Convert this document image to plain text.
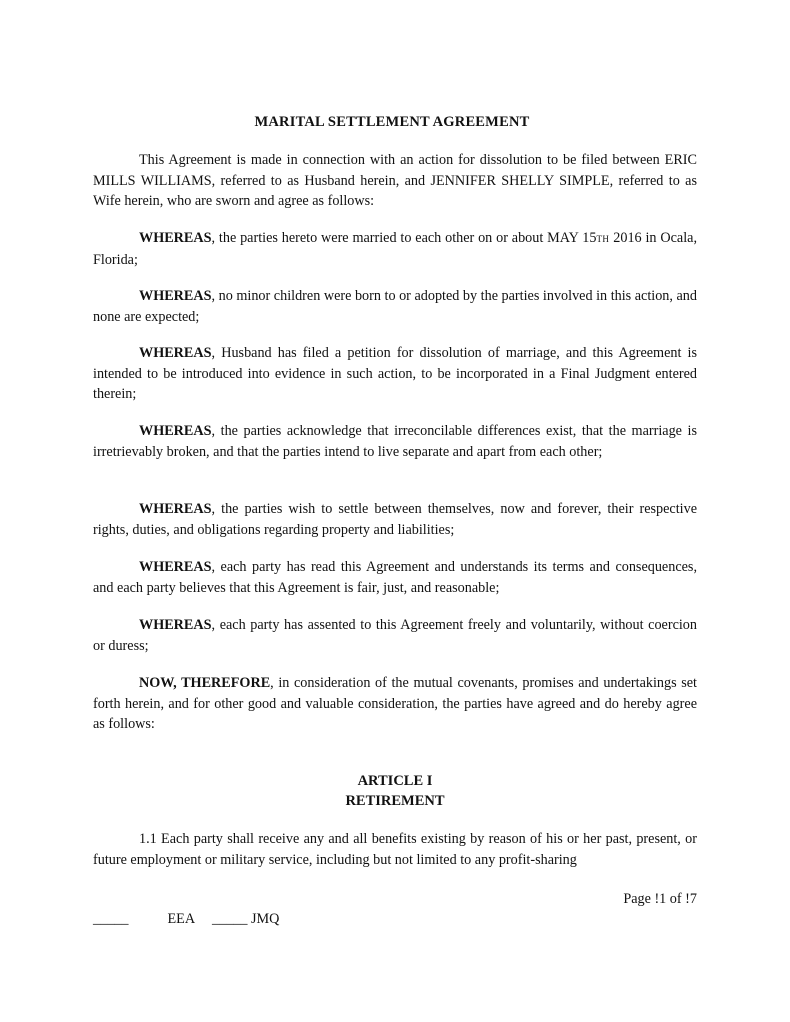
MARITAL SETTLEMENT AGREEMENT

This Agreement is made in connection with an action for dissolution to be filed between ERIC MILLS WILLIAMS, referred to as Husband herein, and JENNIFER SHELLY SIMPLE, referred to as Wife herein, who are sworn and agree as follows:

WHEREAS, the parties hereto were married to each other on or about MAY 15TH 2016 in Ocala, Florida;

WHEREAS, no minor children were born to or adopted by the parties involved in this action, and none are expected;

WHEREAS, Husband has filed a petition for dissolution of marriage, and this Agreement is intended to be introduced into evidence in such action, to be incorporated in a Final Judgment entered therein;

WHEREAS, the parties acknowledge that irreconcilable differences exist, that the marriage is irretrievably broken, and that the parties intend to live separate and apart from each other;

WHEREAS, the parties wish to settle between themselves, now and forever, their respective rights, duties, and obligations regarding property and liabilities;

WHEREAS, each party has read this Agreement and understands its terms and consequences, and each party believes that this Agreement is fair, just, and reasonable;

WHEREAS, each party has assented to this Agreement freely and voluntarily, without coercion or duress;

NOW, THEREFORE, in consideration of the mutual covenants, promises and undertakings set forth herein, and for other good and valuable consideration, the parties have agreed and do hereby agree as follows:

ARTICLE I
RETIREMENT

1.1 Each party shall receive any and all benefits existing by reason of his or her past, present, or future employment or military service, including but not limited to any profit-sharing

Page !1 of !7
_____           EEA     _____ JMQ
